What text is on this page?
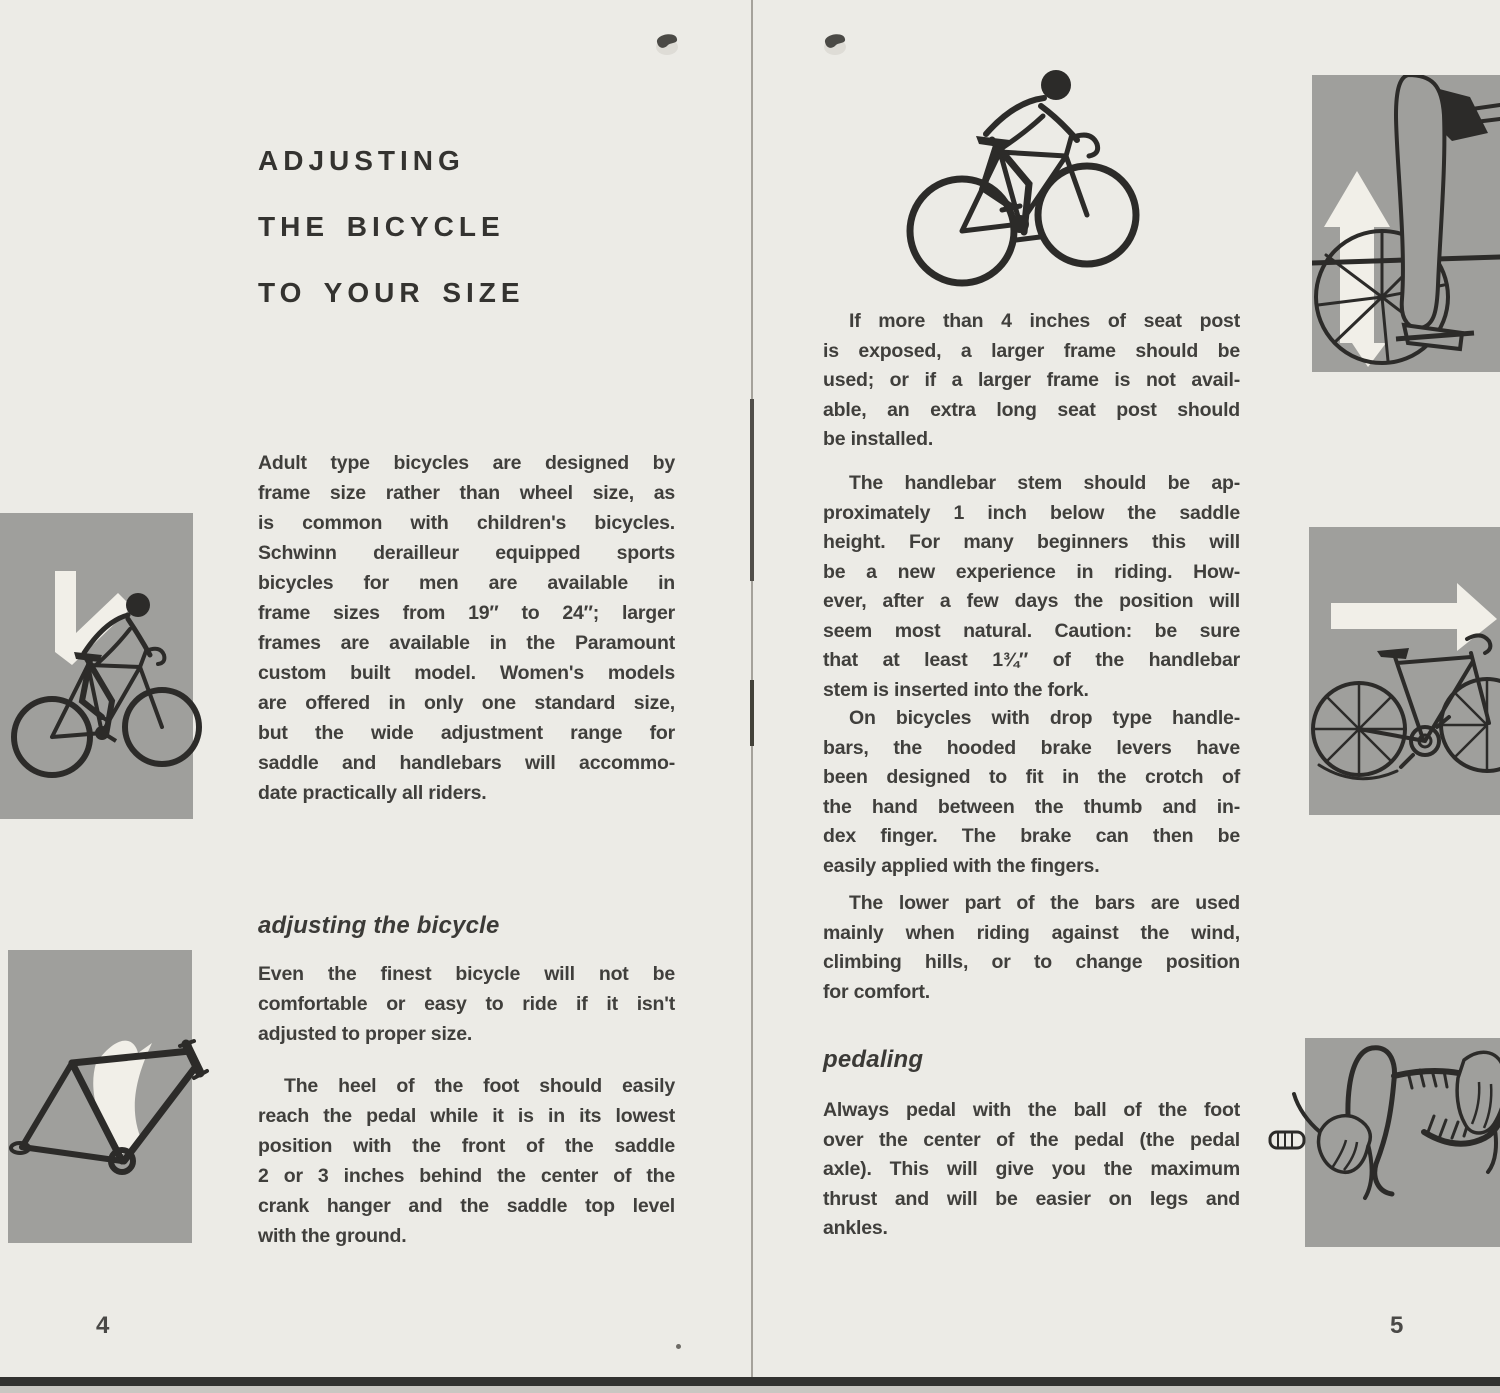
ADJUSTING
THE BICYCLE
TO YOUR SIZE
Adult type bicycles are designed by
frame size rather than wheel size, as
is common with children's bicycles.
Schwinn derailleur equipped sports
bicycles for men are available in
frame sizes from 19″ to 24″; larger
frames are available in the Paramount
custom built model. Women's models
are offered in only one standard size,
but the wide adjustment range for
saddle and handlebars will accommo-
date practically all riders.
adjusting the bicycle
Even the finest bicycle will not be
comfortable or easy to ride if it isn't
adjusted to proper size.
The heel of the foot should easily
reach the pedal while it is in its lowest
position with the front of the saddle
2 or 3 inches behind the center of the
crank hanger and the saddle top level
with the ground.
4
If more than 4 inches of seat post
is exposed, a larger frame should be
used; or if a larger frame is not avail-
able, an extra long seat post should
be installed.
The handlebar stem should be ap-
proximately 1 inch below the saddle
height. For many beginners this will
be a new experience in riding. How-
ever, after a few days the position will
seem most natural. Caution: be sure
that at least 1¾″ of the handlebar
stem is inserted into the fork.
On bicycles with drop type handle-
bars, the hooded brake levers have
been designed to fit in the crotch of
the hand between the thumb and in-
dex finger. The brake can then be
easily applied with the fingers.
The lower part of the bars are used
mainly when riding against the wind,
climbing hills, or to change position
for comfort.
pedaling
Always pedal with the ball of the foot
over the center of the pedal (the pedal
axle). This will give you the maximum
thrust and will be easier on legs and
ankles.
5
